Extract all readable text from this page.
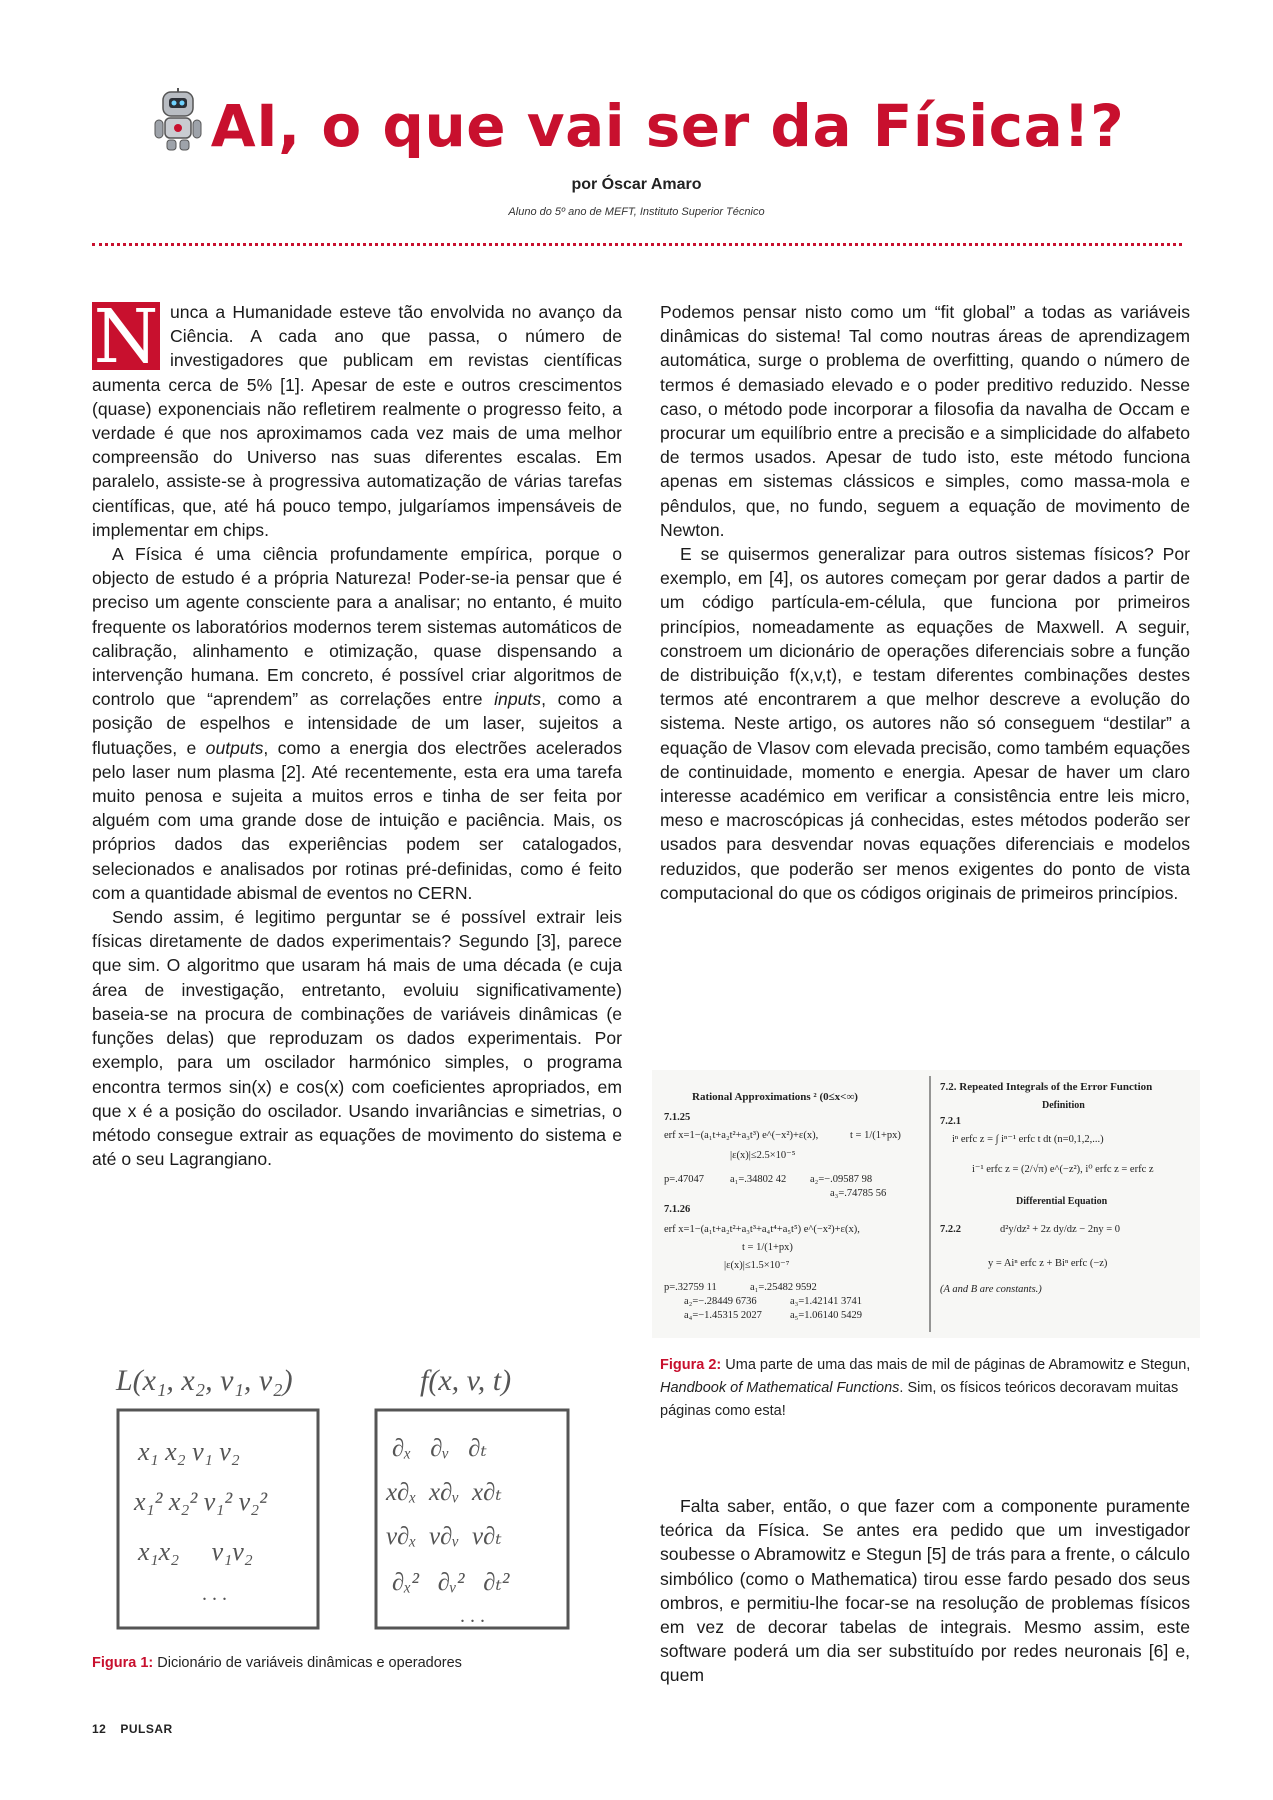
AI, o que vai ser da Física!?
por Óscar Amaro
Aluno do 5º ano de MEFT, Instituto Superior Técnico

N unca a Humanidade esteve tão envolvida no avanço da Ciência. A cada ano que passa, o número de investigadores que publicam em revistas científicas aumenta cerca de 5% [1]. Apesar de este e outros crescimentos (quase) exponenciais não refletirem realmente o progresso feito, a verdade é que nos aproximamos cada vez mais de uma melhor compreensão do Universo nas suas diferentes escalas. Em paralelo, assiste-se à progressiva automatização de várias tarefas científicas, que, até há pouco tempo, julgaríamos impensáveis de implementar em chips.

A Física é uma ciência profundamente empírica, porque o objecto de estudo é a própria Natureza! Poder-se-ia pensar que é preciso um agente consciente para a analisar; no entanto, é muito frequente os laboratórios modernos terem sistemas automáticos de calibração, alinhamento e otimização, quase dispensando a intervenção humana. Em concreto, é possível criar algoritmos de controlo que “aprendem” as correlações entre inputs, como a posição de espelhos e intensidade de um laser, sujeitos a flutuações, e outputs, como a energia dos electrões acelerados pelo laser num plasma [2]. Até recentemente, esta era uma tarefa muito penosa e sujeita a muitos erros e tinha de ser feita por alguém com uma grande dose de intuição e paciência. Mais, os próprios dados das experiências podem ser catalogados, selecionados e analisados por rotinas pré-definidas, como é feito com a quantidade abismal de eventos no CERN.

Sendo assim, é legitimo perguntar se é possível extrair leis físicas diretamente de dados experimentais? Segundo [3], parece que sim. O algoritmo que usaram há mais de uma década (e cuja área de investigação, entretanto, evoluiu significativamente) baseia-se na procura de combinações de variáveis dinâmicas (e funções delas) que reproduzam os dados experimentais. Por exemplo, para um oscilador harmónico simples, o programa encontra termos sin(x) e cos(x) com coeficientes apropriados, em que x é a posição do oscilador. Usando invariâncias e simetrias, o método consegue extrair as equações de movimento do sistema e até o seu Lagrangiano.

Podemos pensar nisto como um “fit global” a todas as variáveis dinâmicas do sistema! Tal como noutras áreas de aprendizagem automática, surge o problema de overfitting, quando o número de termos é demasiado elevado e o poder preditivo reduzido. Nesse caso, o método pode incorporar a filosofia da navalha de Occam e procurar um equilíbrio entre a precisão e a simplicidade do alfabeto de termos usados. Apesar de tudo isto, este método funciona apenas em sistemas clássicos e simples, como massa-mola e pêndulos, que, no fundo, seguem a equação de movimento de Newton.

E se quisermos generalizar para outros sistemas físicos? Por exemplo, em [4], os autores começam por gerar dados a partir de um código partícula-em-célula, que funciona por primeiros princípios, nomeadamente as equações de Maxwell. A seguir, constroem um dicionário de operações diferenciais sobre a função de distribuição f(x,v,t), e testam diferentes combinações destes termos até encontrarem a que melhor descreve a evolução do sistema. Neste artigo, os autores não só conseguem “destilar” a equação de Vlasov com elevada precisão, como também equações de continuidade, momento e energia. Apesar de haver um claro interesse académico em verificar a consistência entre leis micro, meso e macroscópicas já conhecidas, estes métodos poderão ser usados para desvendar novas equações diferenciais e modelos reduzidos, que poderão ser menos exigentes do ponto de vista computacional do que os códigos originais de primeiros princípios.

Rational Approximations ² (0≤x<∞)
7.1.25
erf x=1−(a₁t+a₂t²+a₃t³) e^(−x²)+ε(x),	t = 1/(1+px)
|ε(x)|≤2.5×10⁻⁵
p=.47047 a₁=.34802 42 a₂=−.09587 98
a₃=.74785 56
7.1.26
erf x=1−(a₁t+a₂t²+a₃t³+a₄t⁴+a₅t⁵) e^(−x²)+ε(x),
t = 1/(1+px)
|ε(x)|≤1.5×10⁻⁷
p=.32759 11	a₁=.25482 9592
a₂=−.28449 6736	a₃=1.42141 3741
a₄=−1.45315 2027	a₅=1.06140 5429
7.2. Repeated Integrals of the Error Function
Definition
7.2.1
iⁿ erfc z = ∫ iⁿ⁻¹ erfc t dt (n=0,1,2,...)
i⁻¹ erfc z = (2/√π) e^(−z²), i⁰ erfc z = erfc z
Differential Equation
7.2.2	d²y/dz² + 2z dy/dz − 2ny = 0
y = Aiⁿ erfc z + Biⁿ erfc (−z)
(A and B are constants.)
Figura 2: Uma parte de uma das mais de mil de páginas de Abramowitz e Stegun, Handbook of Mathematical Functions. Sim, os físicos teóricos decoravam muitas páginas como esta!

Falta saber, então, o que fazer com a componente puramente teórica da Física. Se antes era pedido que um investigador soubesse o Abramowitz e Stegun [5] de trás para a frente, o cálculo simbólico (como o Mathematica) tirou esse fardo pesado dos seus ombros, e permitiu-lhe focar-se na resolução de problemas físicos em vez de decorar tabelas de integrais. Mesmo assim, este software poderá um dia ser substituído por redes neuronais [6] e, quem

L(x₁, x₂, v₁, v₂)	f(x, v, t)
x₁ x₂ v₁ v₂
x₁² x₂² v₁² v₂²
x₁x₂     v₁v₂
. . .
∂ₓ   ∂ᵥ   ∂ₜ
x∂ₓ  x∂ᵥ  x∂ₜ
v∂ₓ  v∂ᵥ  v∂ₜ
∂ₓ²   ∂ᵥ²   ∂ₜ²
. . .
Figura 1: Dicionário de variáveis dinâmicas e operadores
12 PULSAR
